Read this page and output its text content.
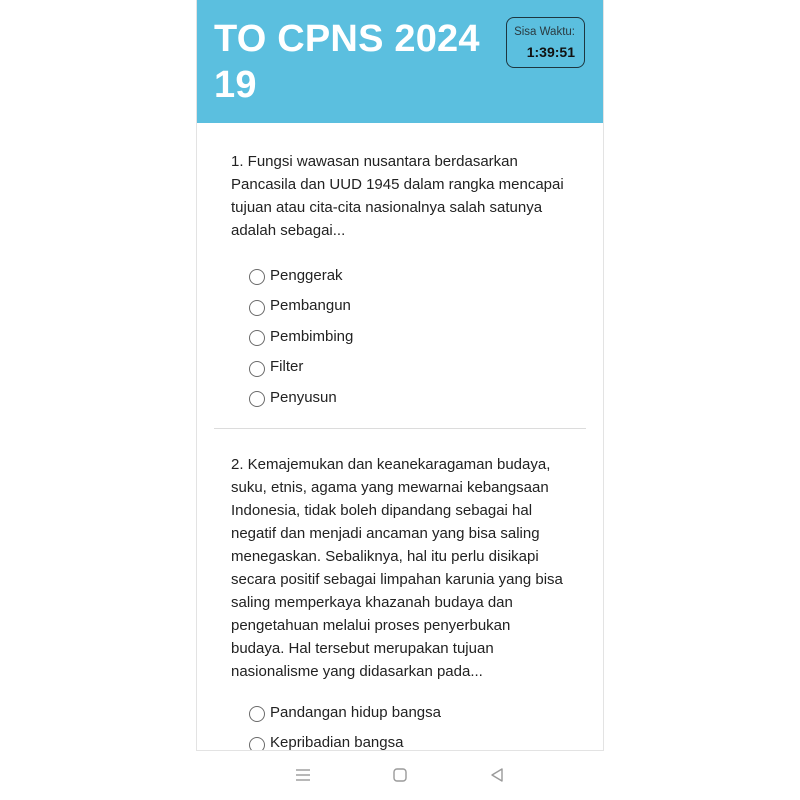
TO CPNS 2024 19
Sisa Waktu:
1:39:51
1. Fungsi wawasan nusantara berdasarkan Pancasila dan UUD 1945 dalam rangka mencapai tujuan atau cita-cita nasionalnya salah satunya adalah sebagai...
Penggerak
Pembangun
Pembimbing
Filter
Penyusun
2. Kemajemukan dan keanekaragaman budaya, suku, etnis, agama yang mewarnai kebangsaan Indonesia, tidak boleh dipandang sebagai hal negatif dan menjadi ancaman yang bisa saling menegaskan. Sebaliknya, hal itu perlu disikapi secara positif sebagai limpahan karunia yang bisa saling memperkaya khazanah budaya dan pengetahuan melalui proses penyerbukan budaya. Hal tersebut merupakan tujuan nasionalisme yang didasarkan pada...
Pandangan hidup bangsa
Kepribadian bangsa
